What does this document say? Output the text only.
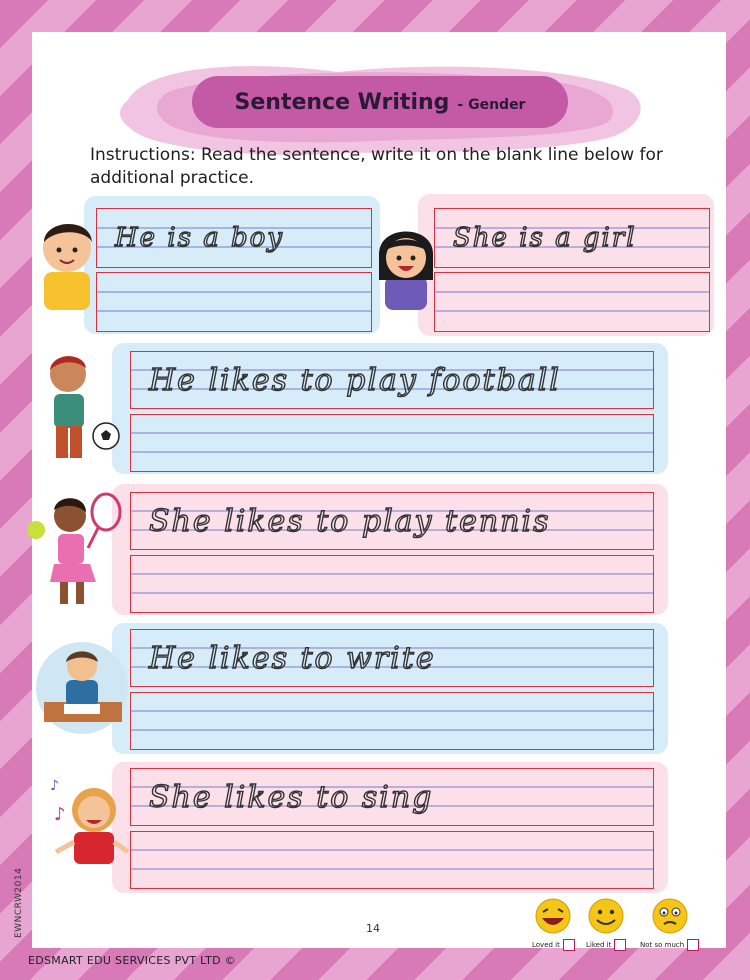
Sentence Writing - Gender
Instructions: Read the sentence, write it on the blank line below for additional practice.
He is a boy	She is a girl
He likes to play football
She likes to play tennis
He likes to write
She likes to sing
♪
♪
14
Loved it	Liked it	Not so much
EWNCRW2014
EDSMART EDU SERVICES PVT LTD ©
